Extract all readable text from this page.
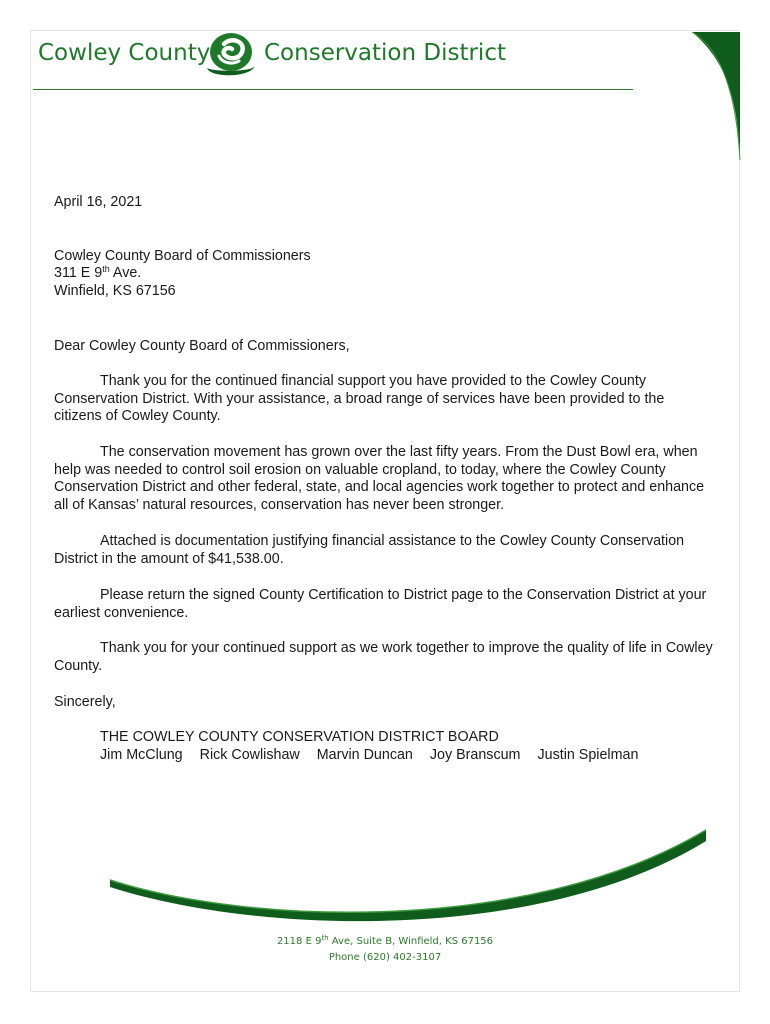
Cowley County Conservation District
April 16, 2021
Cowley County Board of Commissioners
311 E 9th Ave.
Winfield, KS 67156
Dear Cowley County Board of Commissioners,
Thank you for the continued financial support you have provided to the Cowley County Conservation District. With your assistance, a broad range of services have been provided to the citizens of Cowley County.
The conservation movement has grown over the last fifty years. From the Dust Bowl era, when help was needed to control soil erosion on valuable cropland, to today, where the Cowley County Conservation District and other federal, state, and local agencies work together to protect and enhance all of Kansas’ natural resources, conservation has never been stronger.
Attached is documentation justifying financial assistance to the Cowley County Conservation District in the amount of $41,538.00.
Please return the signed County Certification to District page to the Conservation District at your earliest convenience.
Thank you for your continued support as we work together to improve the quality of life in Cowley County.
Sincerely,
THE COWLEY COUNTY CONSERVATION DISTRICT BOARD
Jim McClung Rick Cowlishaw Marvin Duncan Joy Branscum Justin Spielman
2118 E 9th Ave, Suite B, Winfield, KS 67156
Phone (620) 402-3107
